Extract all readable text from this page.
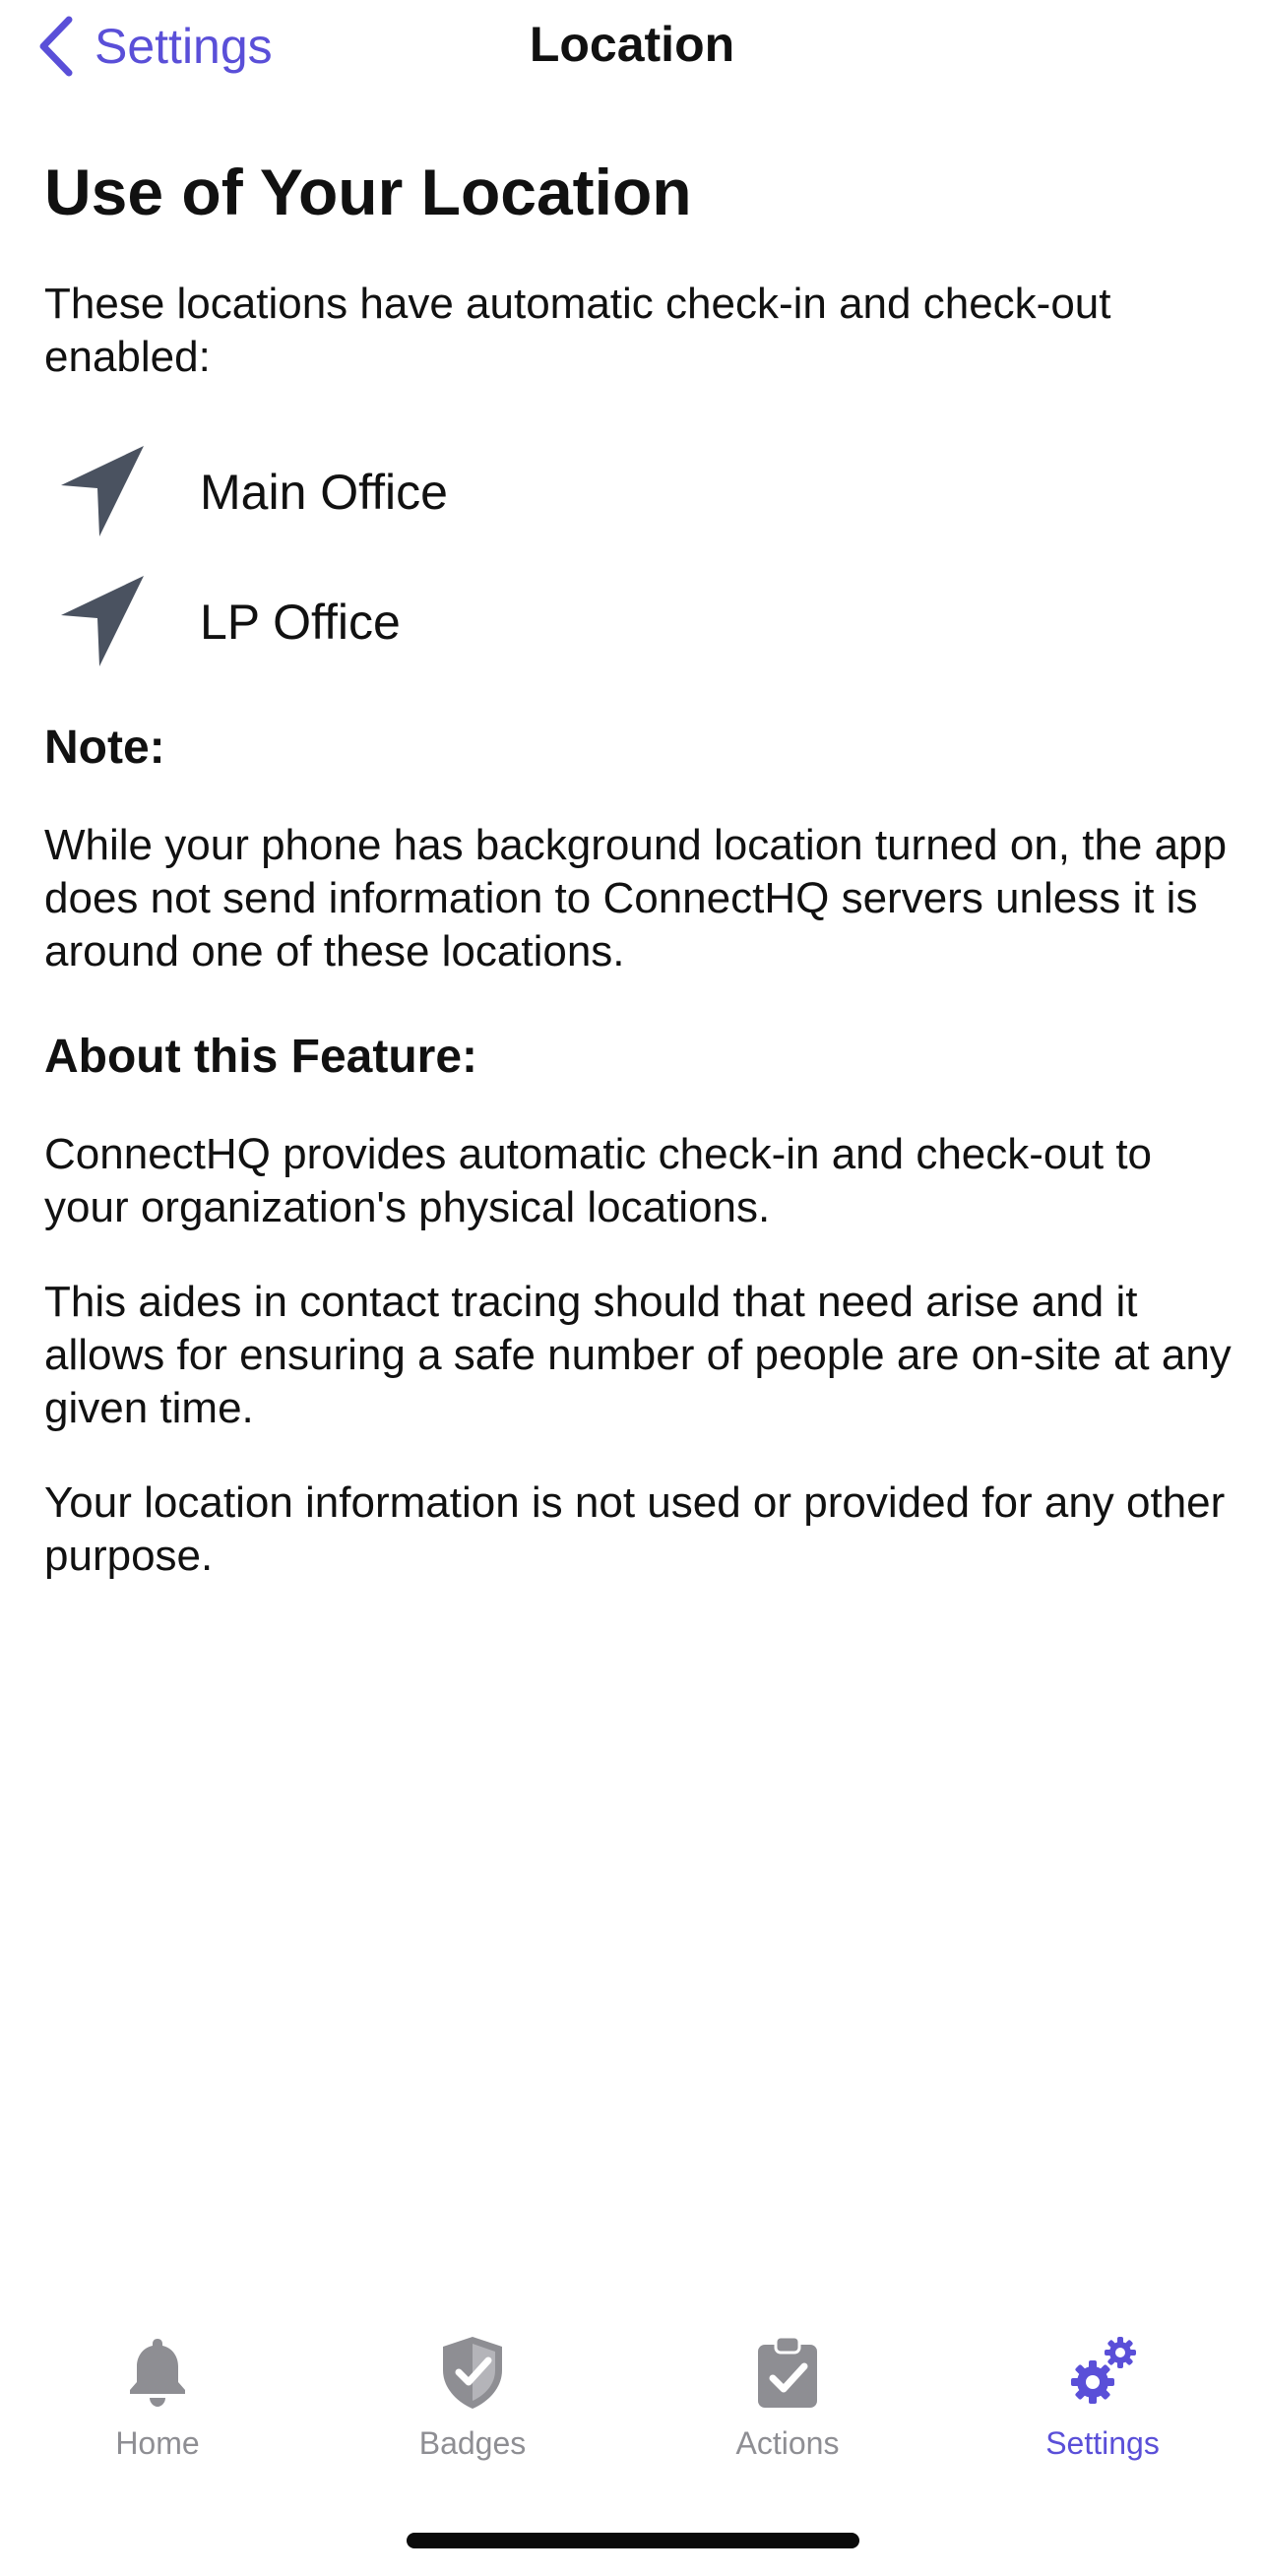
Settings	Location
Use of Your Location

These locations have automatic check-in and check-out enabled:

Main Office
LP Office
Note:

While your phone has background location turned on, the app does not send information to ConnectHQ servers unless it is around one of these locations.

About this Feature:

ConnectHQ provides automatic check-in and check-out to your organization's physical locations.

This aides in contact tracing should that need arise and it allows for ensuring a safe number of people are on-site at any given time.

Your location information is not used or provided for any other purpose.

Home	Badges	Actions	Settings
